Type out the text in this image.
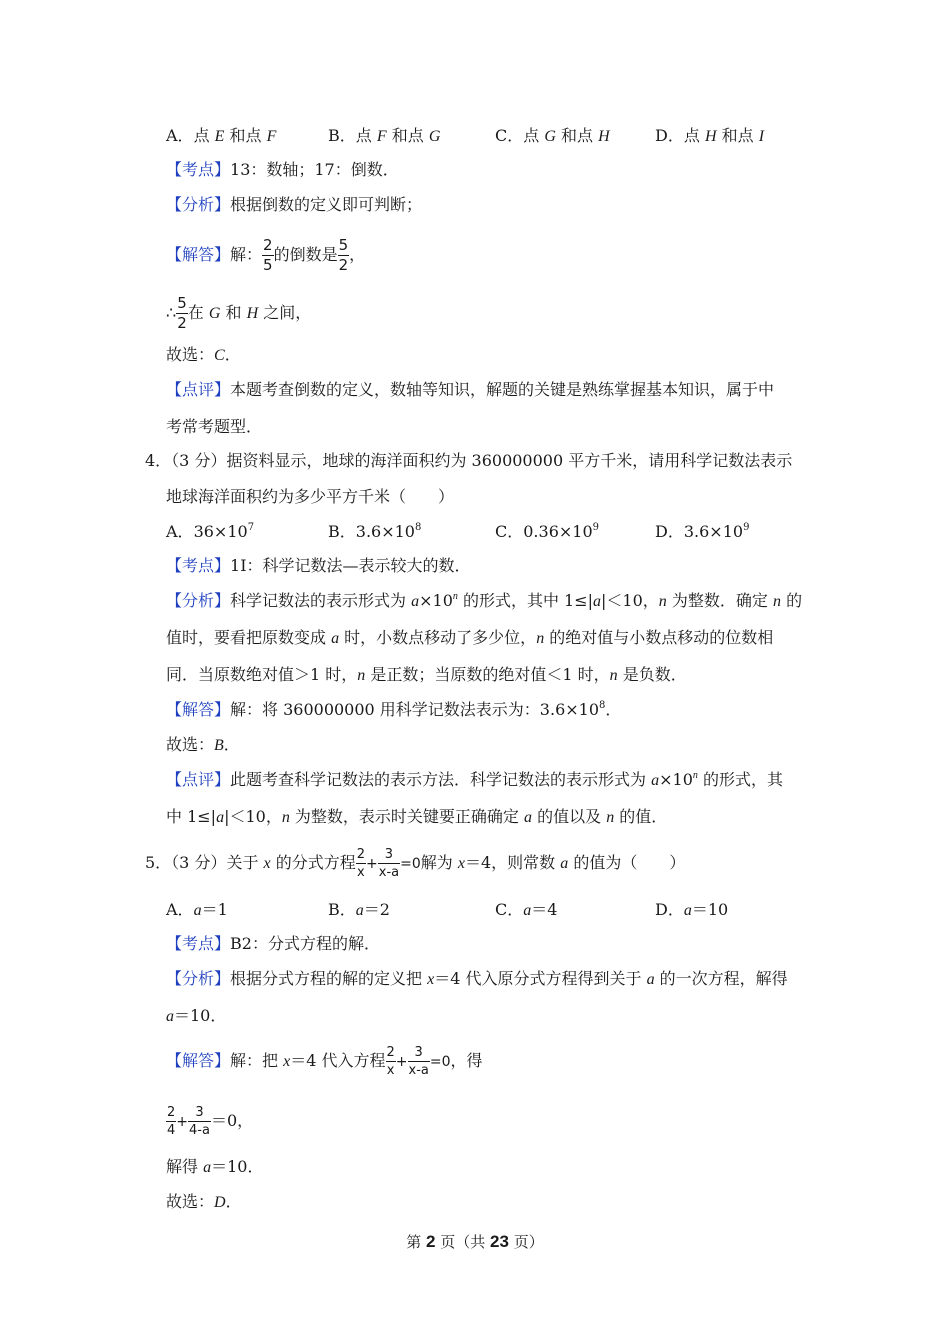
A．点 E 和点 F	B．点 F 和点 G	C．点 G 和点 H	D．点 H 和点 I
【考点】13：数轴；17：倒数．
【分析】根据倒数的定义即可判断；
【解答】解： $\frac{2}{5}$ 的倒数是 $\frac{5}{2}$ ，
∴ $\frac{5}{2}$ 在 G 和 H 之间，
故选：C．
【点评】本题考查倒数的定义，数轴等知识，解题的关键是熟练掌握基本知识，属于中
考常考题型．
4．（3 分）据资料显示，地球的海洋面积约为 360000000 平方千米，请用科学记数法表示
地球海洋面积约为多少平方千米（　　）
A．$36\times 10^7$	B．$3.6\times 10^8$	C．$0.36\times 10^9$	D．$3.6\times 10^9$
【考点】1I：科学记数法—表示较大的数．
【分析】科学记数法的表示形式为 $a\times 10^n$ 的形式，其中 1≤|a|＜10，n 为整数．确定 n 的
值时，要看把原数变成 a 时，小数点移动了多少位，n 的绝对值与小数点移动的位数相
同．当原数绝对值＞1 时，n 是正数；当原数的绝对值＜1 时，n 是负数．
【解答】解：将 360000000 用科学记数法表示为：$3.6\times 10^8$．
故选：B．
【点评】此题考查科学记数法的表示方法．科学记数法的表示形式为 $a\times 10^n$ 的形式，其
中 1≤|a|＜10，n 为整数，表示时关键要正确确定 a 的值以及 n 的值．
5．（3 分）关于 x 的分式方程 $\frac{2}{x} + \frac{3}{x-a} =0$解为 x＝4，则常数 a 的值为（　　）
A．a＝1	B．a＝2	C．a＝4	D．a＝10
【考点】B2：分式方程的解．
【分析】根据分式方程的解的定义把 x＝4 代入原分式方程得到关于 a 的一次方程，解得
a＝10．
【解答】解：把 x＝4 代入方程 $\frac{2}{x} + \frac{3}{x-a} =0$，得
$\frac{2}{4} + \frac{3}{4-a} =0$，
解得 a＝10．
故选：D．
第 2 页（共 23 页）
